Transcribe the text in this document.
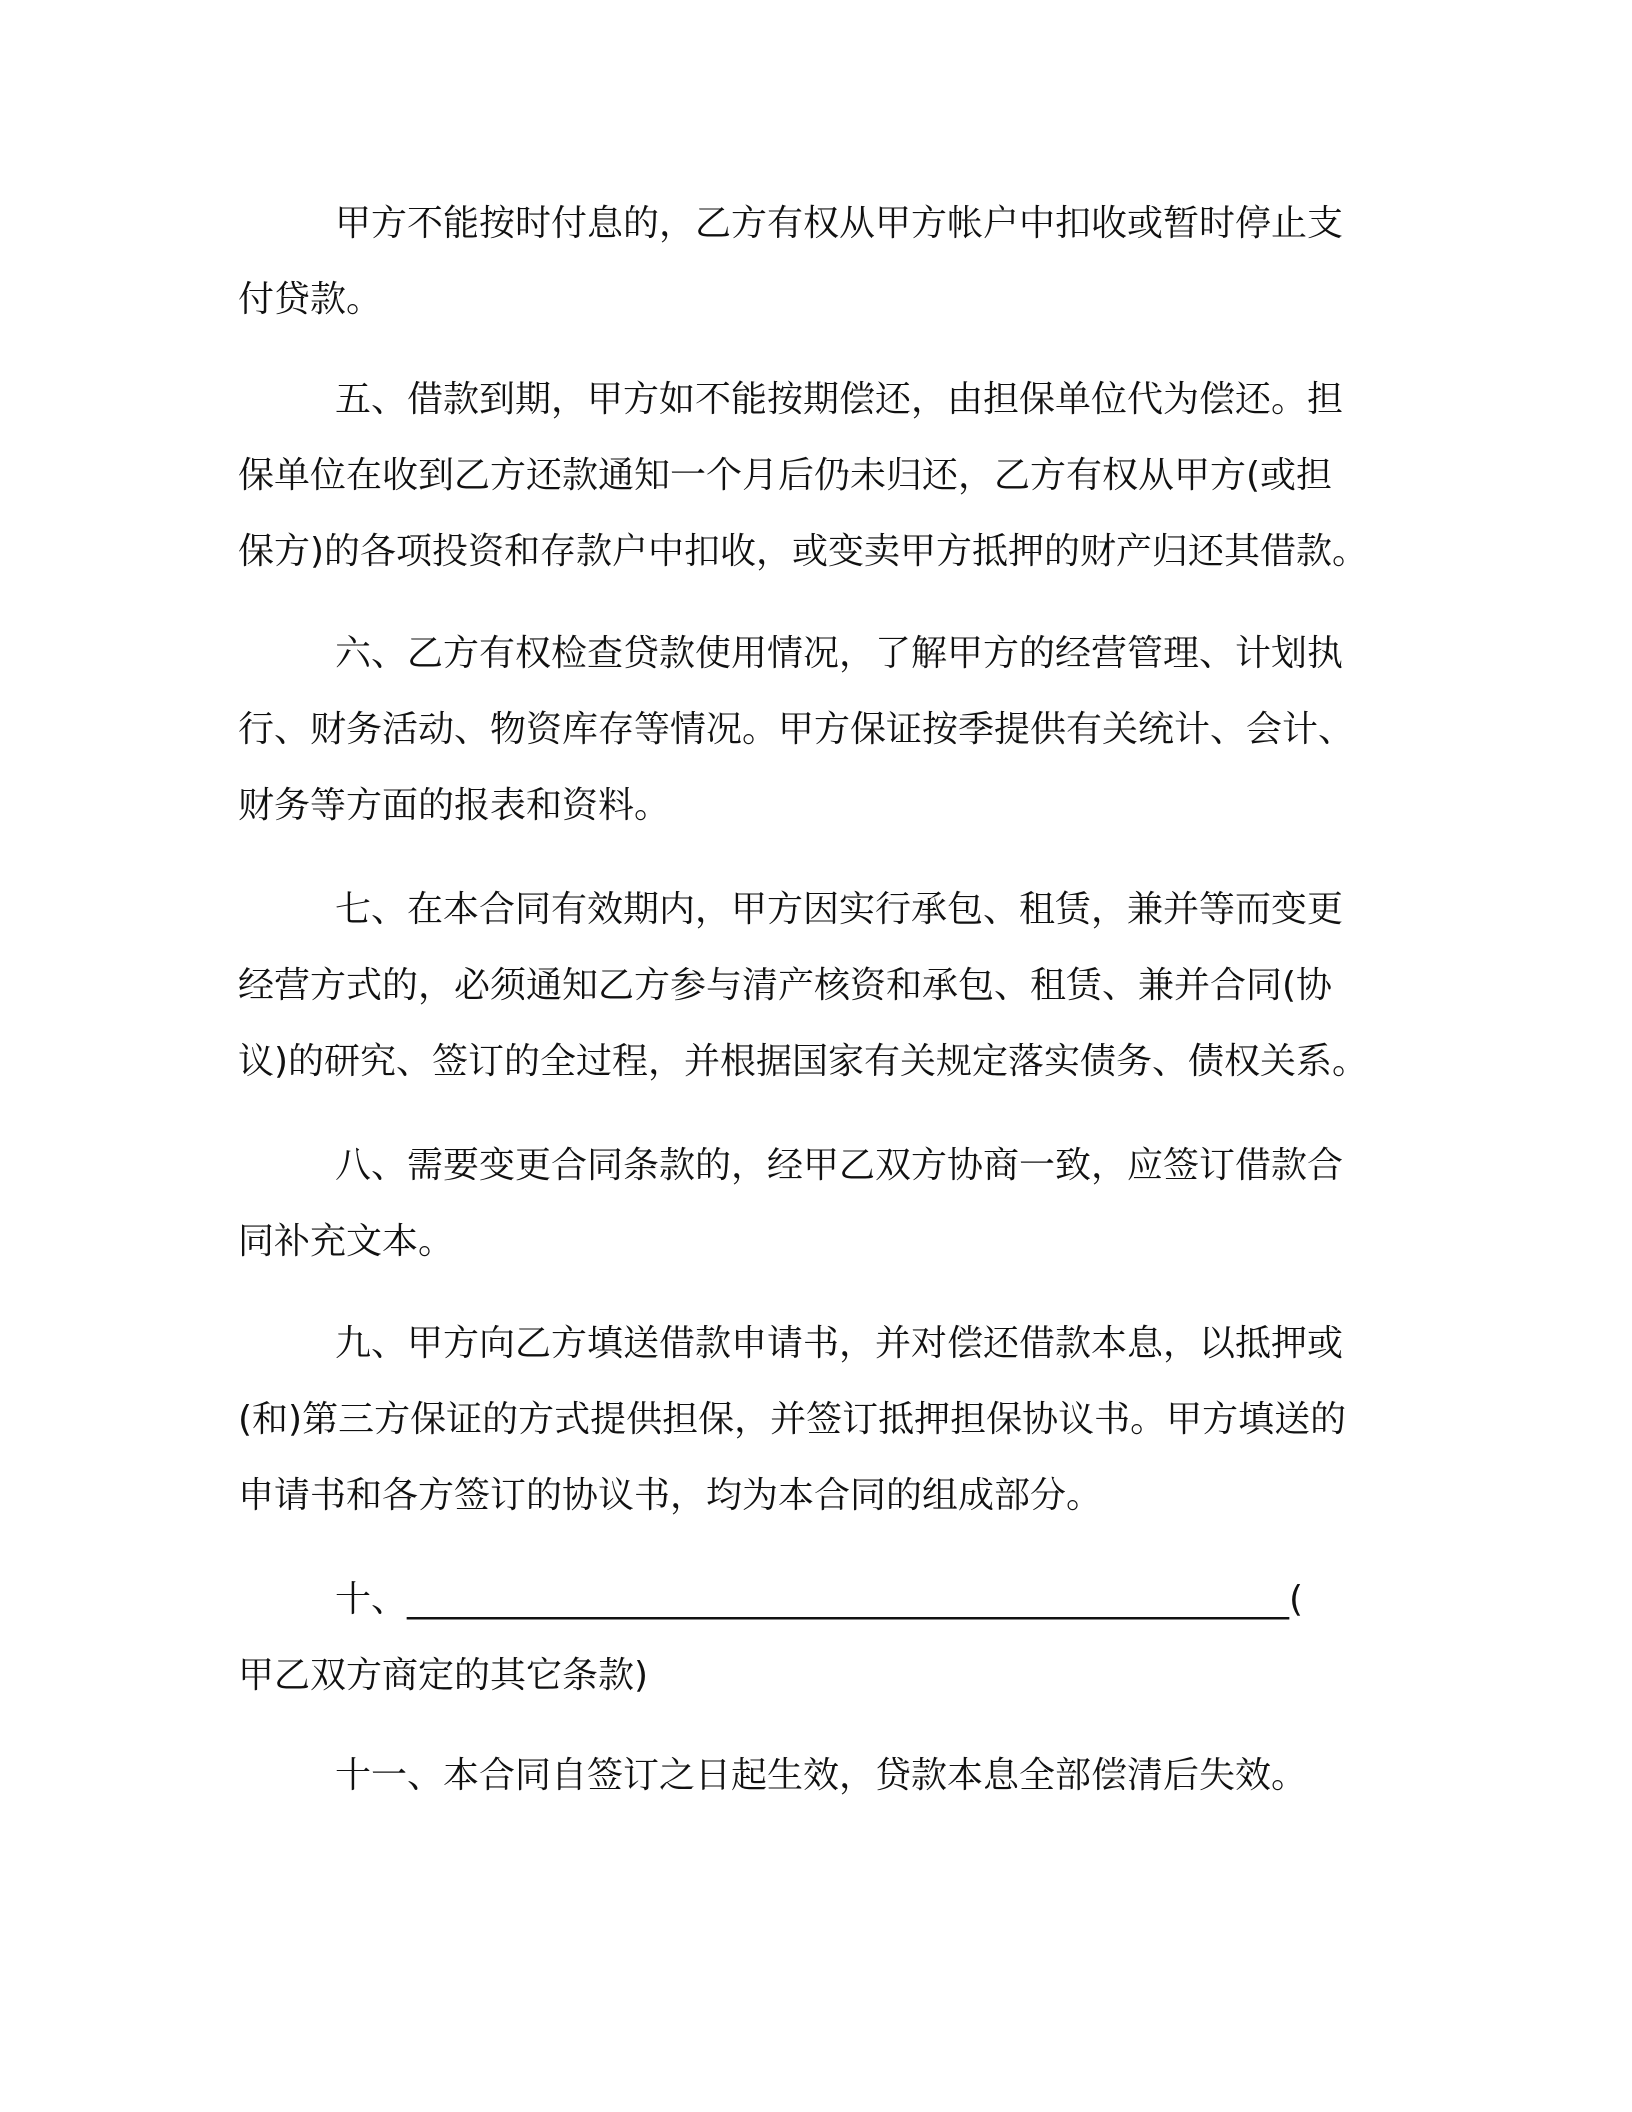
甲方不能按时付息的，乙方有权从甲方帐户中扣收或暂时停止支
付贷款。
五、借款到期，甲方如不能按期偿还，由担保单位代为偿还。担
保单位在收到乙方还款通知一个月后仍未归还，乙方有权从甲方(或担
保方)的各项投资和存款户中扣收，或变卖甲方抵押的财产归还其借款。
六、乙方有权检查贷款使用情况，了解甲方的经营管理、计划执
行、财务活动、物资库存等情况。甲方保证按季提供有关统计、会计、
财务等方面的报表和资料。
七、在本合同有效期内，甲方因实行承包、租赁，兼并等而变更
经营方式的，必须通知乙方参与清产核资和承包、租赁、兼并合同(协
议)的研究、签订的全过程，并根据国家有关规定落实债务、债权关系。
八、需要变更合同条款的，经甲乙双方协商一致，应签订借款合
同补充文本。
九、甲方向乙方填送借款申请书，并对偿还借款本息，以抵押或
(和)第三方保证的方式提供担保，并签订抵押担保协议书。甲方填送的
申请书和各方签订的协议书，均为本合同的组成部分。
十、_________________________________________________(
甲乙双方商定的其它条款)
十一、本合同自签订之日起生效，贷款本息全部偿清后失效。
